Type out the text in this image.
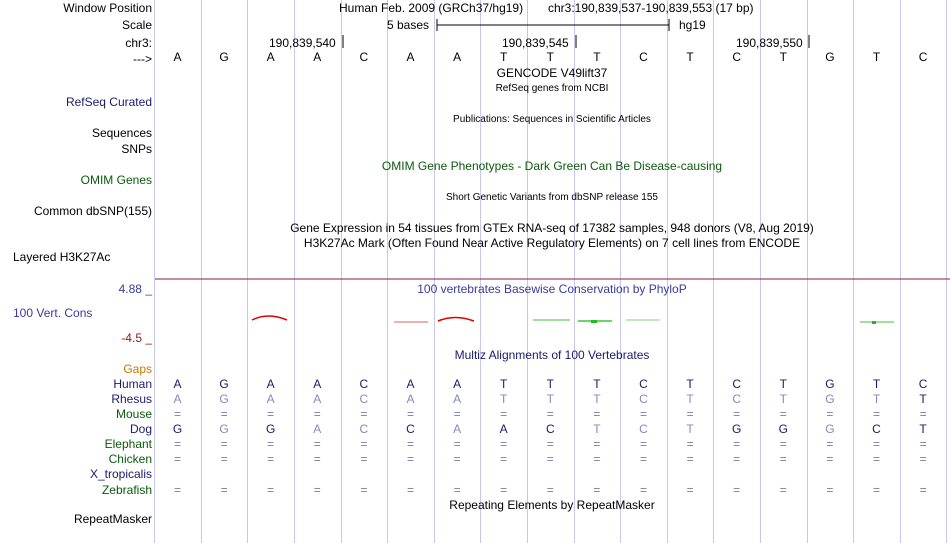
Window Position	Human Feb. 2009 (GRCh37/hg19) chr3:190,839,537-190,839,553 (17 bp)
Scale	5 bases	hg19
chr3:	190,839,540	190,839,545	190,839,550
--->	A	G	A	A	C	A	A	T	T	T	C	T	C	T	G	T	C
GENCODE V49lift37
RefSeq genes from NCBI
RefSeq Curated
Publications: Sequences in Scientific Articles
Sequences
SNPs
OMIM Gene Phenotypes - Dark Green Can Be Disease-causing
OMIM Genes
Short Genetic Variants from dbSNP release 155
Common dbSNP(155)
Gene Expression in 54 tissues from GTEx RNA-seq of 17382 samples, 948 donors (V8, Aug 2019)
H3K27Ac Mark (Often Found Near Active Regulatory Elements) on 7 cell lines from ENCODE
Layered H3K27Ac
4.88 _	100 vertebrates Basewise Conservation by PhyloP
100 Vert. Cons
-4.5 _
Multiz Alignments of 100 Vertebrates
Gaps
Human	A	G	A	A	C	A	A	T	T	T	C	T	C	T	G	T	C
Rhesus	A	G	A	A	C	A	A	T	T	T	C	T	C	T	G	T	T
Mouse	=	=	=	=	=	=	=	=	=	=	=	=	=	=	=	=	=
Dog	G	G	G	A	C	C	A	A	C	T	C	T	G	G	G	C	T
Elephant	=	=	=	=	=	=	=	=	=	=	=	=	=	=	=	=	=
Chicken	=	=	=	=	=	=	=	=	=	=	=	=	=	=	=	=	=
X_tropicalis
Zebrafish	=	=	=	=	=	=	=	=	=	=	=	=	=	=	=	=	=
Repeating Elements by RepeatMasker
RepeatMasker
